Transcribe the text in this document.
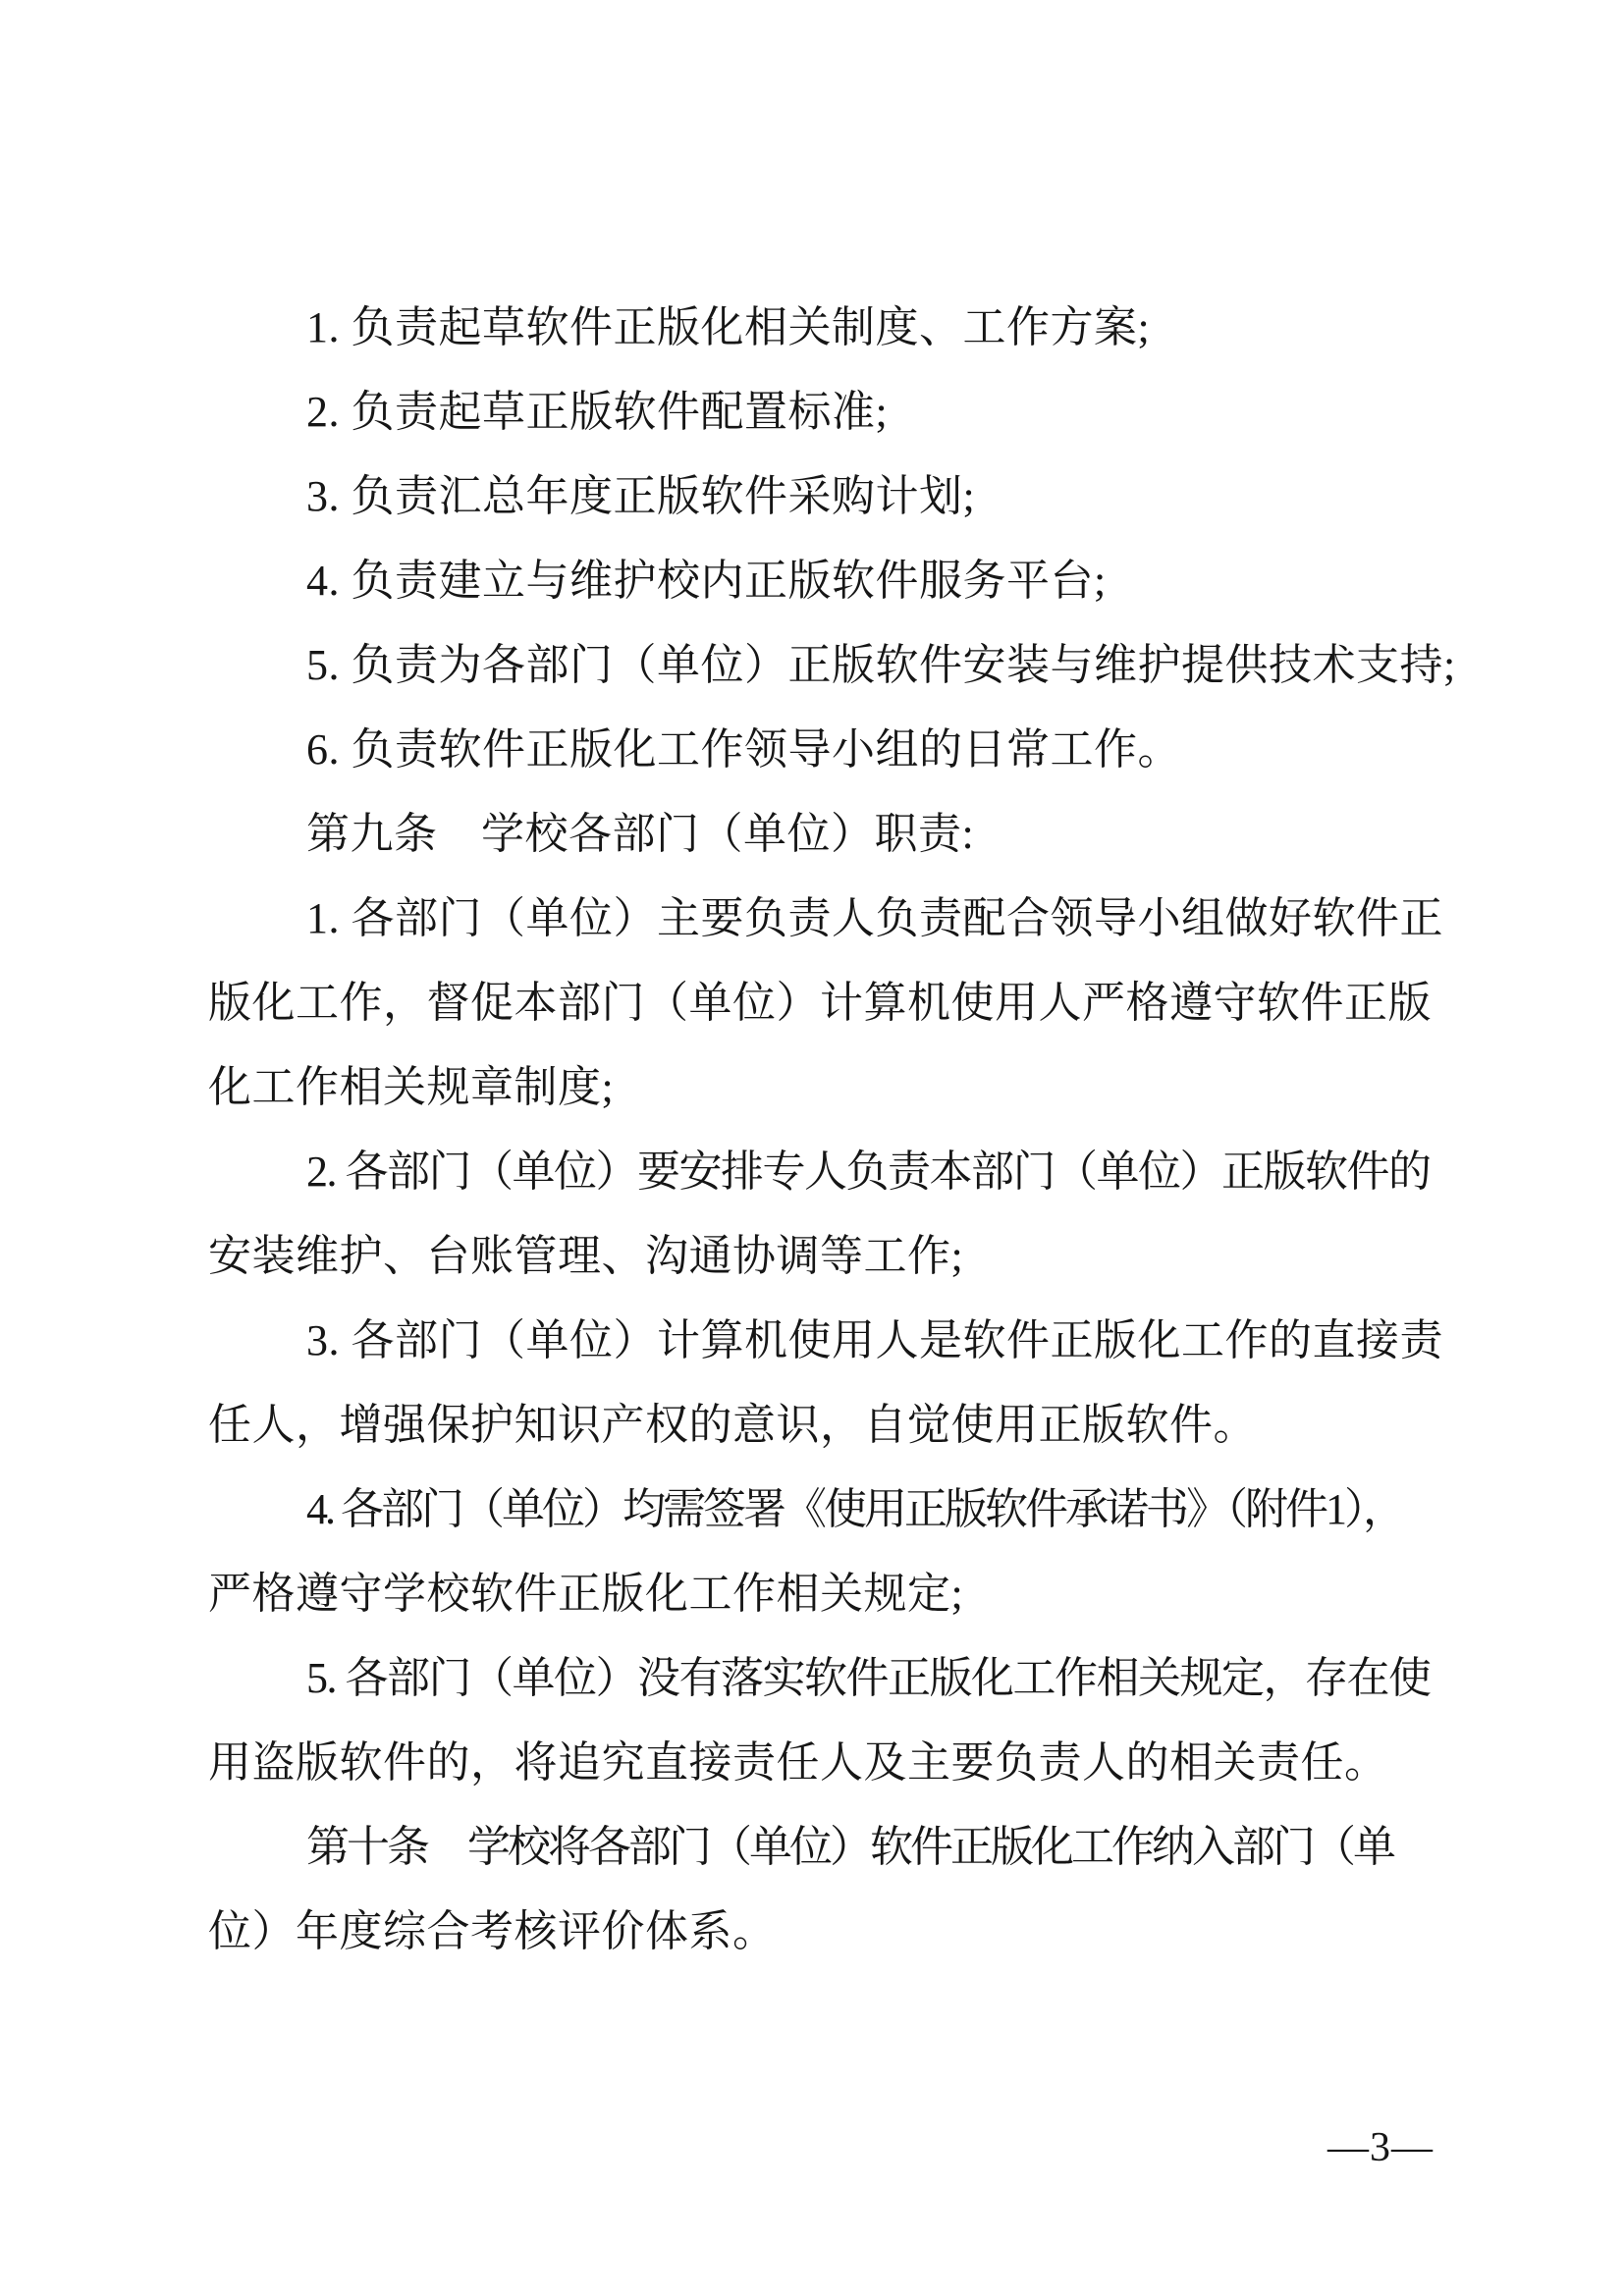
1. 负责起草软件正版化相关制度、工作方案;
2. 负责起草正版软件配置标准;
3. 负责汇总年度正版软件采购计划;
4. 负责建立与维护校内正版软件服务平台;
5. 负责为各部门（单位）正版软件安装与维护提供技术支持;
6. 负责软件正版化工作领导小组的日常工作。
第九条　学校各部门（单位）职责:
1. 各部门（单位）主要负责人负责配合领导小组做好软件正
版化工作，督促本部门（单位）计算机使用人严格遵守软件正版
化工作相关规章制度;
2. 各部门（单位）要安排专人负责本部门（单位）正版软件的
安装维护、台账管理、沟通协调等工作;
3. 各部门（单位）计算机使用人是软件正版化工作的直接责
任人，增强保护知识产权的意识，自觉使用正版软件。
4. 各部门（单位）均需签署《使用正版软件承诺书》（附件1），
严格遵守学校软件正版化工作相关规定;
5. 各部门（单位）没有落实软件正版化工作相关规定，存在使
用盗版软件的，将追究直接责任人及主要负责人的相关责任。
第十条　学校将各部门（单位）软件正版化工作纳入部门（单
位）年度综合考核评价体系。
—3—
